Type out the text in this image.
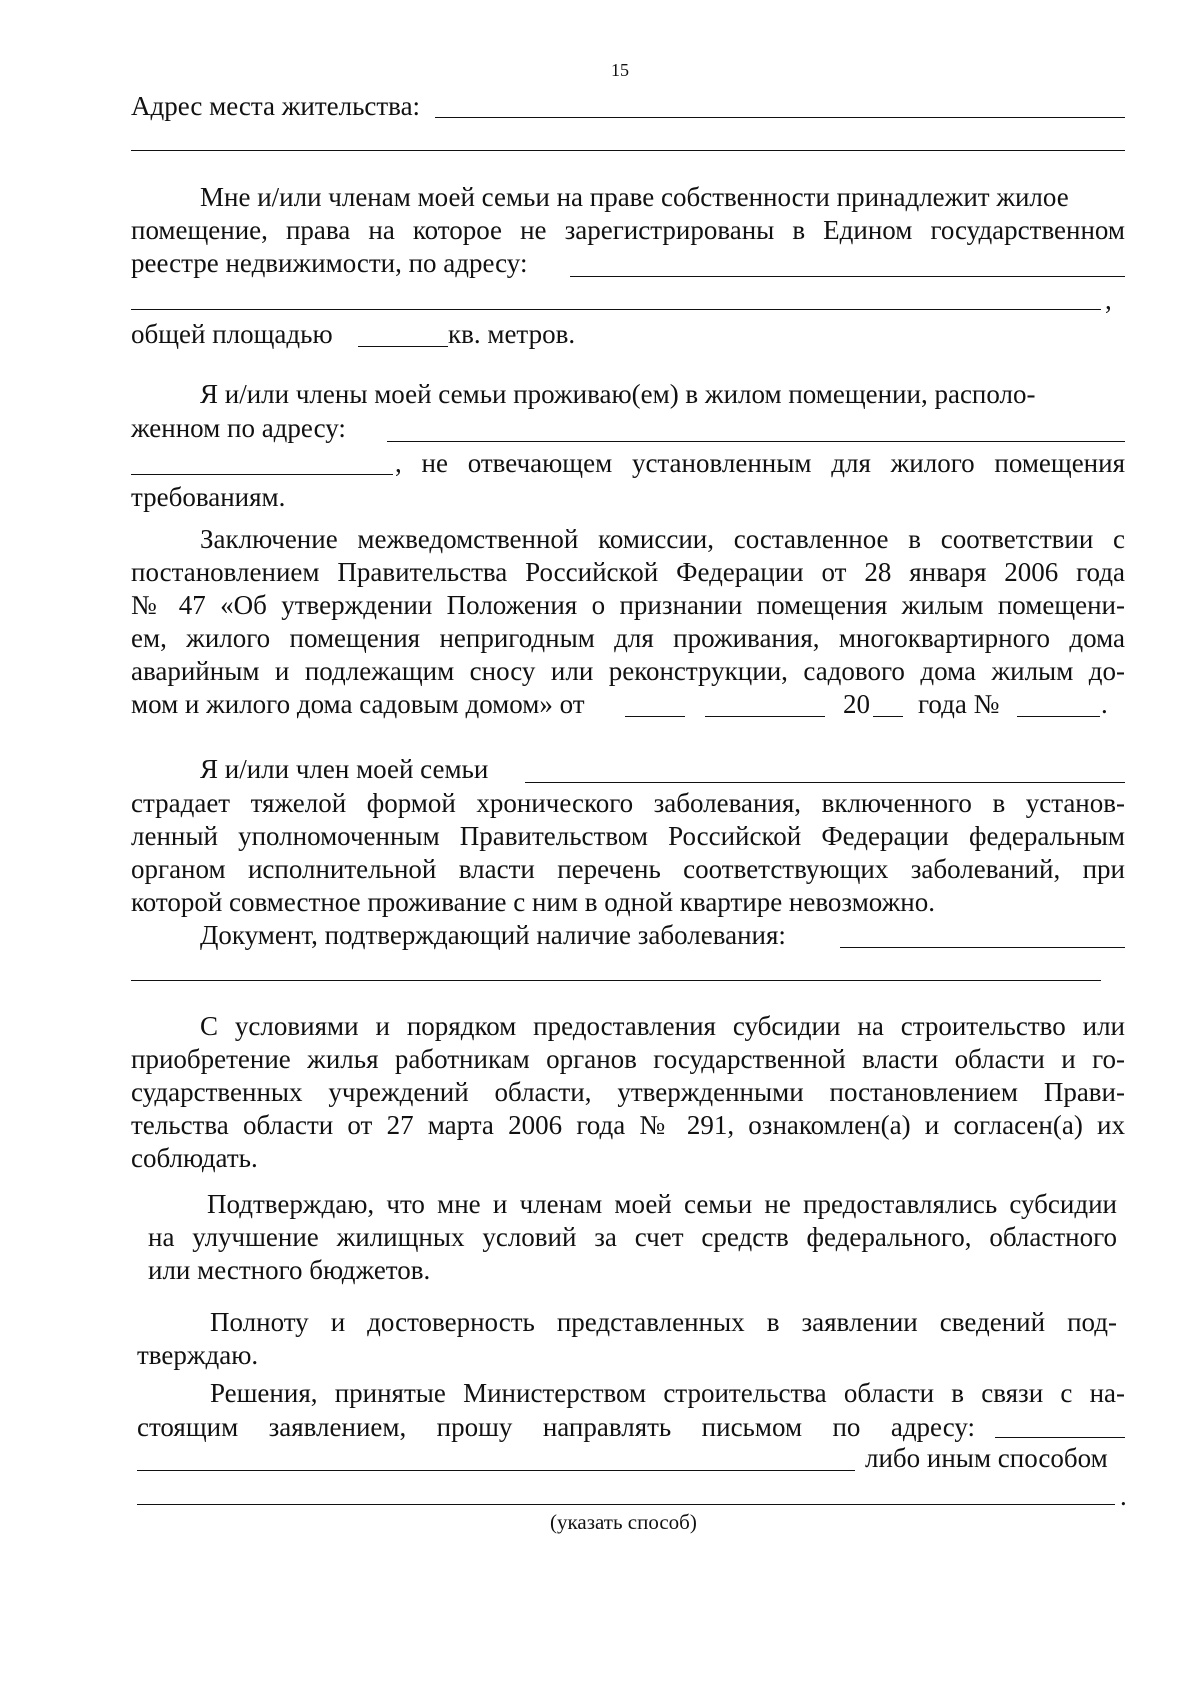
15
Адрес места жительства:
Мне и/или членам моей семьи на праве собственности принадлежит жилое
помещение, права на которое не зарегистрированы в Едином государственном
реестре недвижимости, по адресу:
,
общей площадью	кв. метров.
Я и/или члены моей семьи проживаю(ем) в жилом помещении, располо-
женном по адресу:
, не отвечающем установленным для жилого помещения
требованиям.
Заключение межведомственной комиссии, составленное в соответствии с
постановлением Правительства Российской Федерации от 28 января 2006 года
№ 47 «Об утверждении Положения о признании помещения жилым помещени-
ем, жилого помещения непригодным для проживания, многоквартирного дома
аварийным и подлежащим сносу или реконструкции, садового дома жилым до-
мом и жилого дома садовым домом» от	20 года №	.
Я и/или член моей семьи
страдает тяжелой формой хронического заболевания, включенного в установ-
ленный уполномоченным Правительством Российской Федерации федеральным
органом исполнительной власти перечень соответствующих заболеваний, при
которой совместное проживание с ним в одной квартире невозможно.
Документ, подтверждающий наличие заболевания:
С условиями и порядком предоставления субсидии на строительство или
приобретение жилья работникам органов государственной власти области и го-
сударственных учреждений области, утвержденными постановлением Прави-
тельства области от 27 марта 2006 года № 291, ознакомлен(а) и согласен(а) их
соблюдать.
Подтверждаю, что мне и членам моей семьи не предоставлялись субсидии
на улучшение жилищных условий за счет средств федерального, областного
или местного бюджетов.
Полноту и достоверность представленных в заявлении сведений под-
тверждаю.
Решения, принятые Министерством строительства области в связи с на-
стоящим заявлением, прошу направлять письмом по адресу:
либо иным способом
.
(указать способ)
